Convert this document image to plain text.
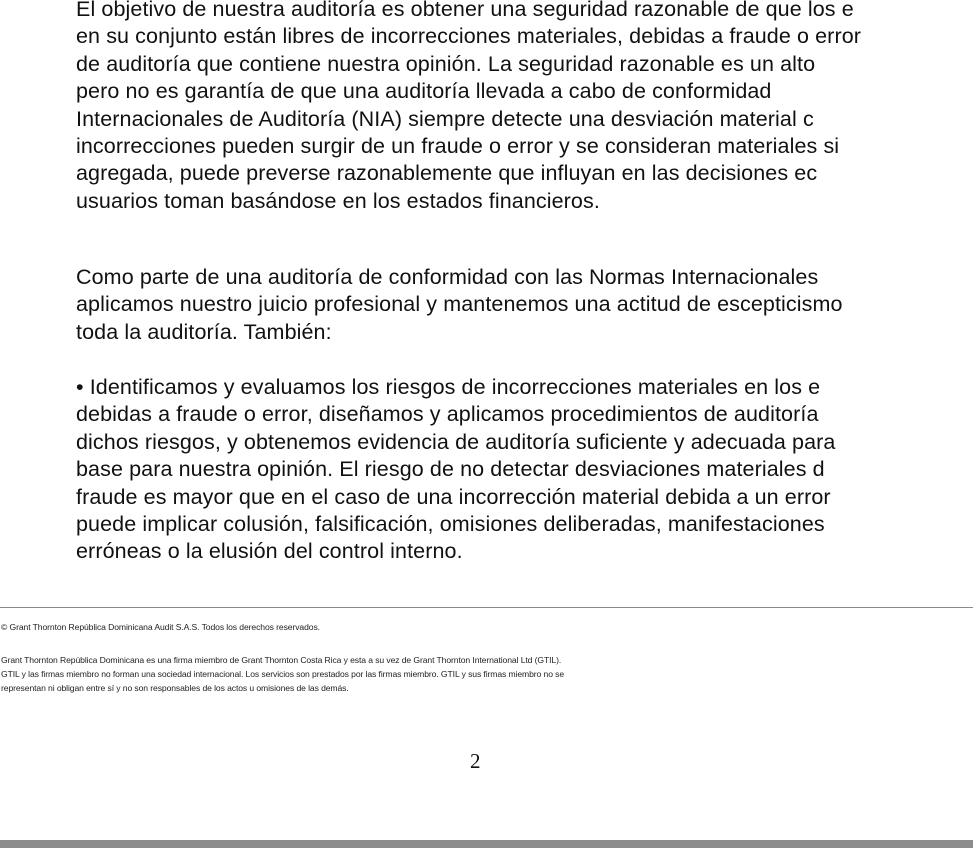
El objetivo de nuestra auditoría es obtener una seguridad razonable de que los e
en su conjunto están libres de incorrecciones materiales, debidas a fraude o error
de auditoría que contiene nuestra opinión. La seguridad razonable es un alto
pero no es garantía de que una auditoría llevada a cabo de conformidad
Internacionales de Auditoría (NIA) siempre detecte una desviación material c
incorrecciones pueden surgir de un fraude o error y se consideran materiales si
agregada, puede preverse razonablemente que influyan en las decisiones ec
usuarios toman basándose en los estados financieros.
Como parte de una auditoría de conformidad con las Normas Internacionales
aplicamos nuestro juicio profesional y mantenemos una actitud de escepticismo
toda la auditoría. También:
• Identificamos y evaluamos los riesgos de incorrecciones materiales en los e
debidas a fraude o error, diseñamos y aplicamos procedimientos de auditoría
dichos riesgos, y obtenemos evidencia de auditoría suficiente y adecuada para
base para nuestra opinión. El riesgo de no detectar desviaciones materiales d
fraude es mayor que en el caso de una incorrección material debida a un error
puede implicar colusión, falsificación, omisiones deliberadas, manifestaciones
erróneas o la elusión del control interno.
© Grant Thornton República Dominicana Audit S.A.S. Todos los derechos reservados.
Grant Thornton República Dominicana es una firma miembro de Grant Thornton Costa Rica y esta a su vez de Grant Thornton International Ltd (GTIL).
GTIL y las firmas miembro no forman una sociedad internacional. Los servicios son prestados por las firmas miembro. GTIL y sus firmas miembro no se
representan ni obligan entre sí y no son responsables de los actos u omisiones de las demás.
2
